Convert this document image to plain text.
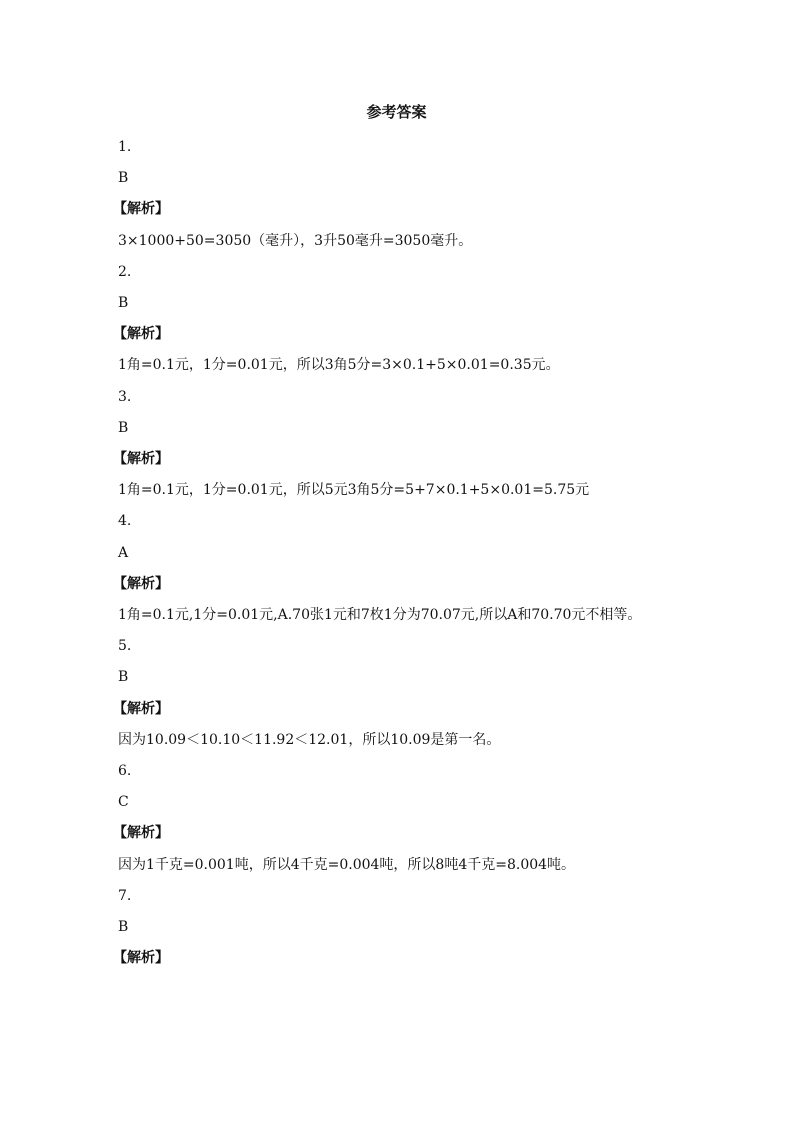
参考答案
1.
B
【解析】
3×1000+50=3050（毫升），3升50毫升=3050毫升。
2.
B
【解析】
1角=0.1元，1分=0.01元，所以3角5分=3×0.1+5×0.01=0.35元。
3.
B
【解析】
1角=0.1元，1分=0.01元，所以5元3角5分=5+7×0.1+5×0.01=5.75元
4.
A
【解析】
1角=0.1元,1分=0.01元,A.70张1元和7枚1分为70.07元,所以A和70.70元不相等。
5.
B
【解析】
因为10.09＜10.10＜11.92＜12.01，所以10.09是第一名。
6.
C
【解析】
因为1千克=0.001吨，所以4千克=0.004吨，所以8吨4千克=8.004吨。
7.
B
【解析】
